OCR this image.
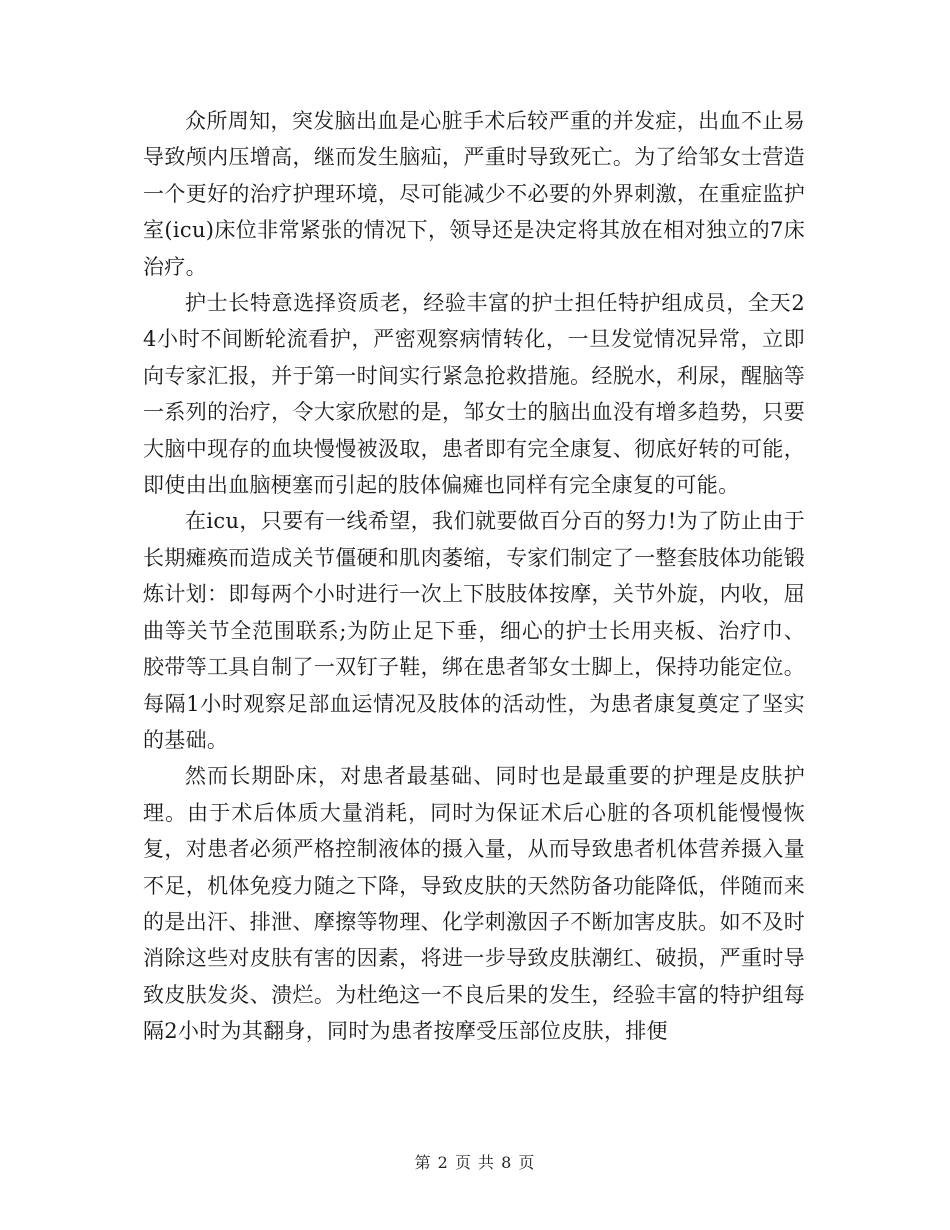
众所周知，突发脑出血是心脏手术后较严重的并发症，出血不止易导致颅内压增高，继而发生脑疝，严重时导致死亡。为了给邹女士营造一个更好的治疗护理环境，尽可能减少不必要的外界刺激，在重症监护室(icu)床位非常紧张的情况下，领导还是决定将其放在相对独立的7床治疗。

护士长特意选择资质老，经验丰富的护士担任特护组成员，全天24小时不间断轮流看护，严密观察病情转化，一旦发觉情况异常，立即向专家汇报，并于第一时间实行紧急抢救措施。经脱水，利尿，醒脑等一系列的治疗，令大家欣慰的是，邹女士的脑出血没有增多趋势，只要大脑中现存的血块慢慢被汲取，患者即有完全康复、彻底好转的可能，即使由出血脑梗塞而引起的肢体偏瘫也同样有完全康复的可能。

在icu，只要有一线希望，我们就要做百分百的努力!为了防止由于长期瘫痪而造成关节僵硬和肌肉萎缩，专家们制定了一整套肢体功能锻炼计划：即每两个小时进行一次上下肢肢体按摩，关节外旋，内收，屈曲等关节全范围联系;为防止足下垂，细心的护士长用夹板、治疗巾、胶带等工具自制了一双钉子鞋，绑在患者邹女士脚上，保持功能定位。每隔1小时观察足部血运情况及肢体的活动性，为患者康复奠定了坚实的基础。

然而长期卧床，对患者最基础、同时也是最重要的护理是皮肤护理。由于术后体质大量消耗，同时为保证术后心脏的各项机能慢慢恢复，对患者必须严格控制液体的摄入量，从而导致患者机体营养摄入量不足，机体免疫力随之下降，导致皮肤的天然防备功能降低，伴随而来的是出汗、排泄、摩擦等物理、化学刺激因子不断加害皮肤。如不及时消除这些对皮肤有害的因素，将进一步导致皮肤潮红、破损，严重时导致皮肤发炎、溃烂。为杜绝这一不良后果的发生，经验丰富的特护组每隔2小时为其翻身，同时为患者按摩受压部位皮肤，排便

第 2 页 共 8 页
